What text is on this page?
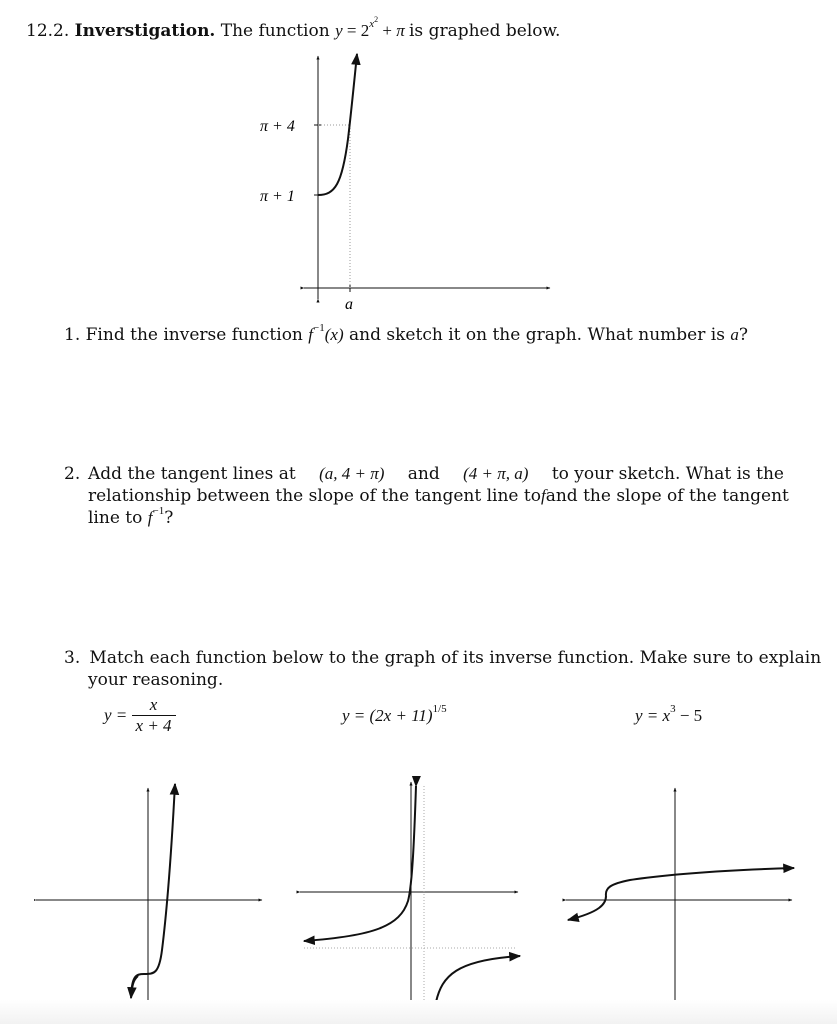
12.2. Inverstigation. The function $y = 2^{x^2} + \pi$ is graphed below.
π + 4
π + 1
a
1. Find the inverse function $f^{-1}(x)$ and sketch it on the graph. What number is a?
2. Add the tangent lines at (a, 4 + π) and (4 + π, a) to your sketch. What is the
relationship between the slope of the tangent line to f and the slope of the tangent
line to $f^{-1}$?
3. Match each function below to the graph of its inverse function. Make sure to explain
your reasoning.
$y = \frac{x}{x + 4}$	$y = (2x + 11)^{1/5}$	$y = x^3 - 5$
